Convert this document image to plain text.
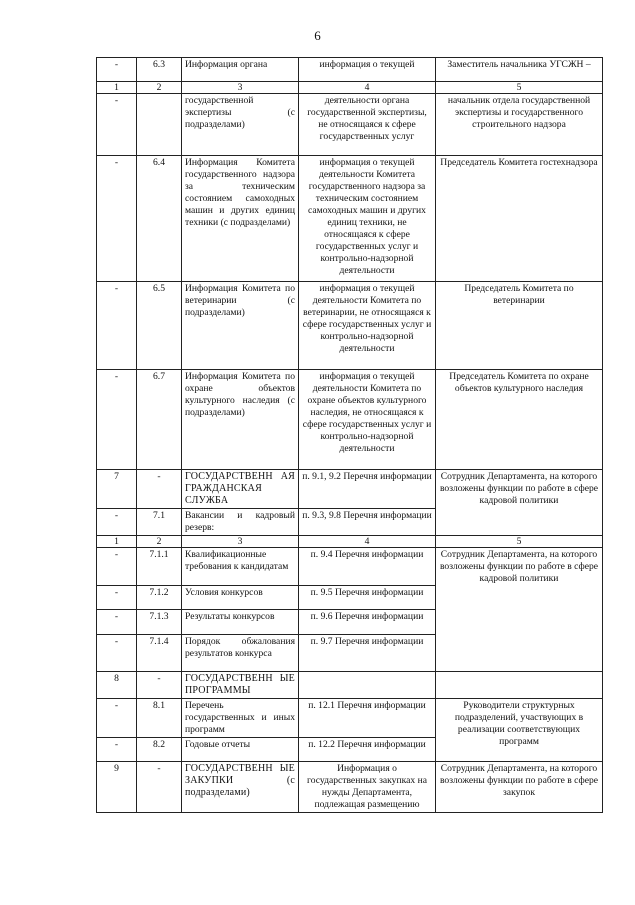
6
-	6.3	Информация органа	информация о текущей	Заместитель начальника УГСЖН –
1	2	3	4	5
-		государственной экспертизы (с подразделами)	деятельности органа государственной экспертизы, не относящаяся к сфере государственных услуг	начальник отдела государственной экспертизы и государственного строительного надзора
-	6.4	Информация Комитета государственного надзора за техническим состоянием самоходных машин и других единиц техники (с подразделами)	информация о текущей деятельности Комитета государственного надзора за техническим состоянием самоходных машин и других единиц техники, не относящаяся к сфере государственных услуг и контрольно-надзорной деятельности	Председатель Комитета гостехнадзора
-	6.5	Информация Комитета по ветеринарии (с подразделами)	информация о текущей деятельности Комитета по ветеринарии, не относящаяся к сфере государственных услуг и контрольно-надзорной деятельности	Председатель Комитета по ветеринарии
-	6.7	Информация Комитета по охране объектов культурного наследия (с подразделами)	информация о текущей деятельности Комитета по охране объектов культурного наследия, не относящаяся к сфере государственных услуг и контрольно-надзорной деятельности	Председатель Комитета по охране объектов культурного наследия
7	-	ГОСУДАРСТВЕНН АЯ ГРАЖДАНСКАЯ СЛУЖБА	п. 9.1, 9.2 Перечня информации	Сотрудник Департамента, на которого возложены функции по работе в сфере кадровой политики
-	7.1	Вакансии и кадровый резерв:	п. 9.3, 9.8 Перечня информации	
1	2	3	4	5
-	7.1.1	Квалификационные требования к кандидатам	п. 9.4 Перечня информации	Сотрудник Департамента, на которого возложены функции по работе в сфере кадровой политики
-	7.1.2	Условия конкурсов	п. 9.5 Перечня информации	
-	7.1.3	Результаты конкурсов	п. 9.6 Перечня информации	
-	7.1.4	Порядок обжалования результатов конкурса	п. 9.7 Перечня информации	
8	-	ГОСУДАРСТВЕНН ЫЕ ПРОГРАММЫ		
-	8.1	Перечень государственных и иных программ	п. 12.1 Перечня информации	Руководители структурных подразделений, участвующих в реализации соответствующих программ
-	8.2	Годовые отчеты	п. 12.2 Перечня информации	
9	-	ГОСУДАРСТВЕНН ЫЕ ЗАКУПКИ (с подразделами)	Информация о государственных закупках на нужды Департамента, подлежащая размещению	Сотрудник Департамента, на которого возложены функции по работе в сфере закупок
